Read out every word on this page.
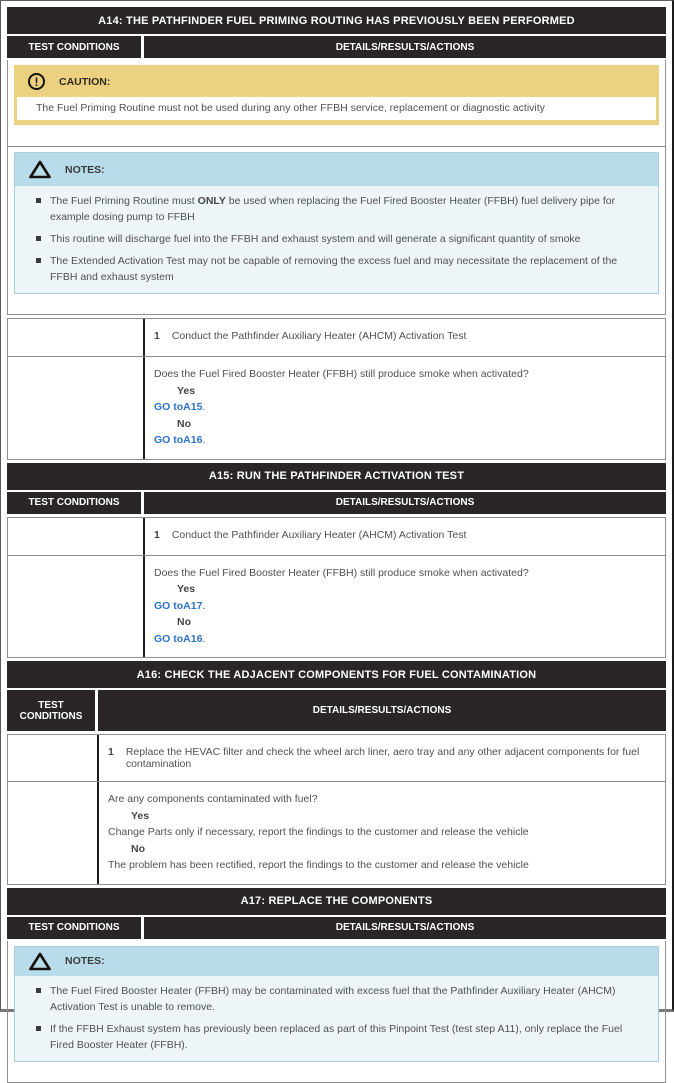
A14: THE PATHFINDER FUEL PRIMING ROUTING HAS PREVIOUSLY BEEN PERFORMED
TEST CONDITIONS	DETAILS/RESULTS/ACTIONS
!	CAUTION:
The Fuel Priming Routine must not be used during any other FFBH service, replacement or diagnostic activity
NOTES:
The Fuel Priming Routine must ONLY be used when replacing the Fuel Fired Booster Heater (FFBH) fuel delivery pipe for example dosing pump to FFBH
This routine will discharge fuel into the FFBH and exhaust system and will generate a significant quantity of smoke
The Extended Activation Test may not be capable of removing the excess fuel and may necessitate the replacement of the FFBH and exhaust system
1 Conduct the Pathfinder Auxiliary Heater (AHCM) Activation Test
Does the Fuel Fired Booster Heater (FFBH) still produce smoke when activated?
Yes
GO toA15.
No
GO toA16.
A15: RUN THE PATHFINDER ACTIVATION TEST
TEST CONDITIONS	DETAILS/RESULTS/ACTIONS
1 Conduct the Pathfinder Auxiliary Heater (AHCM) Activation Test
Does the Fuel Fired Booster Heater (FFBH) still produce smoke when activated?
Yes
GO toA17.
No
GO toA16.
A16: CHECK THE ADJACENT COMPONENTS FOR FUEL CONTAMINATION
TEST CONDITIONS	DETAILS/RESULTS/ACTIONS
1 Replace the HEVAC filter and check the wheel arch liner, aero tray and any other adjacent components for fuel contamination
Are any components contaminated with fuel?
Yes
Change Parts only if necessary, report the findings to the customer and release the vehicle
No
The problem has been rectified, report the findings to the customer and release the vehicle
A17: REPLACE THE COMPONENTS
TEST CONDITIONS	DETAILS/RESULTS/ACTIONS
NOTES:
The Fuel Fired Booster Heater (FFBH) may be contaminated with excess fuel that the Pathfinder Auxiliary Heater (AHCM) Activation Test is unable to remove.
If the FFBH Exhaust system has previously been replaced as part of this Pinpoint Test (test step A11), only replace the Fuel Fired Booster Heater (FFBH).
